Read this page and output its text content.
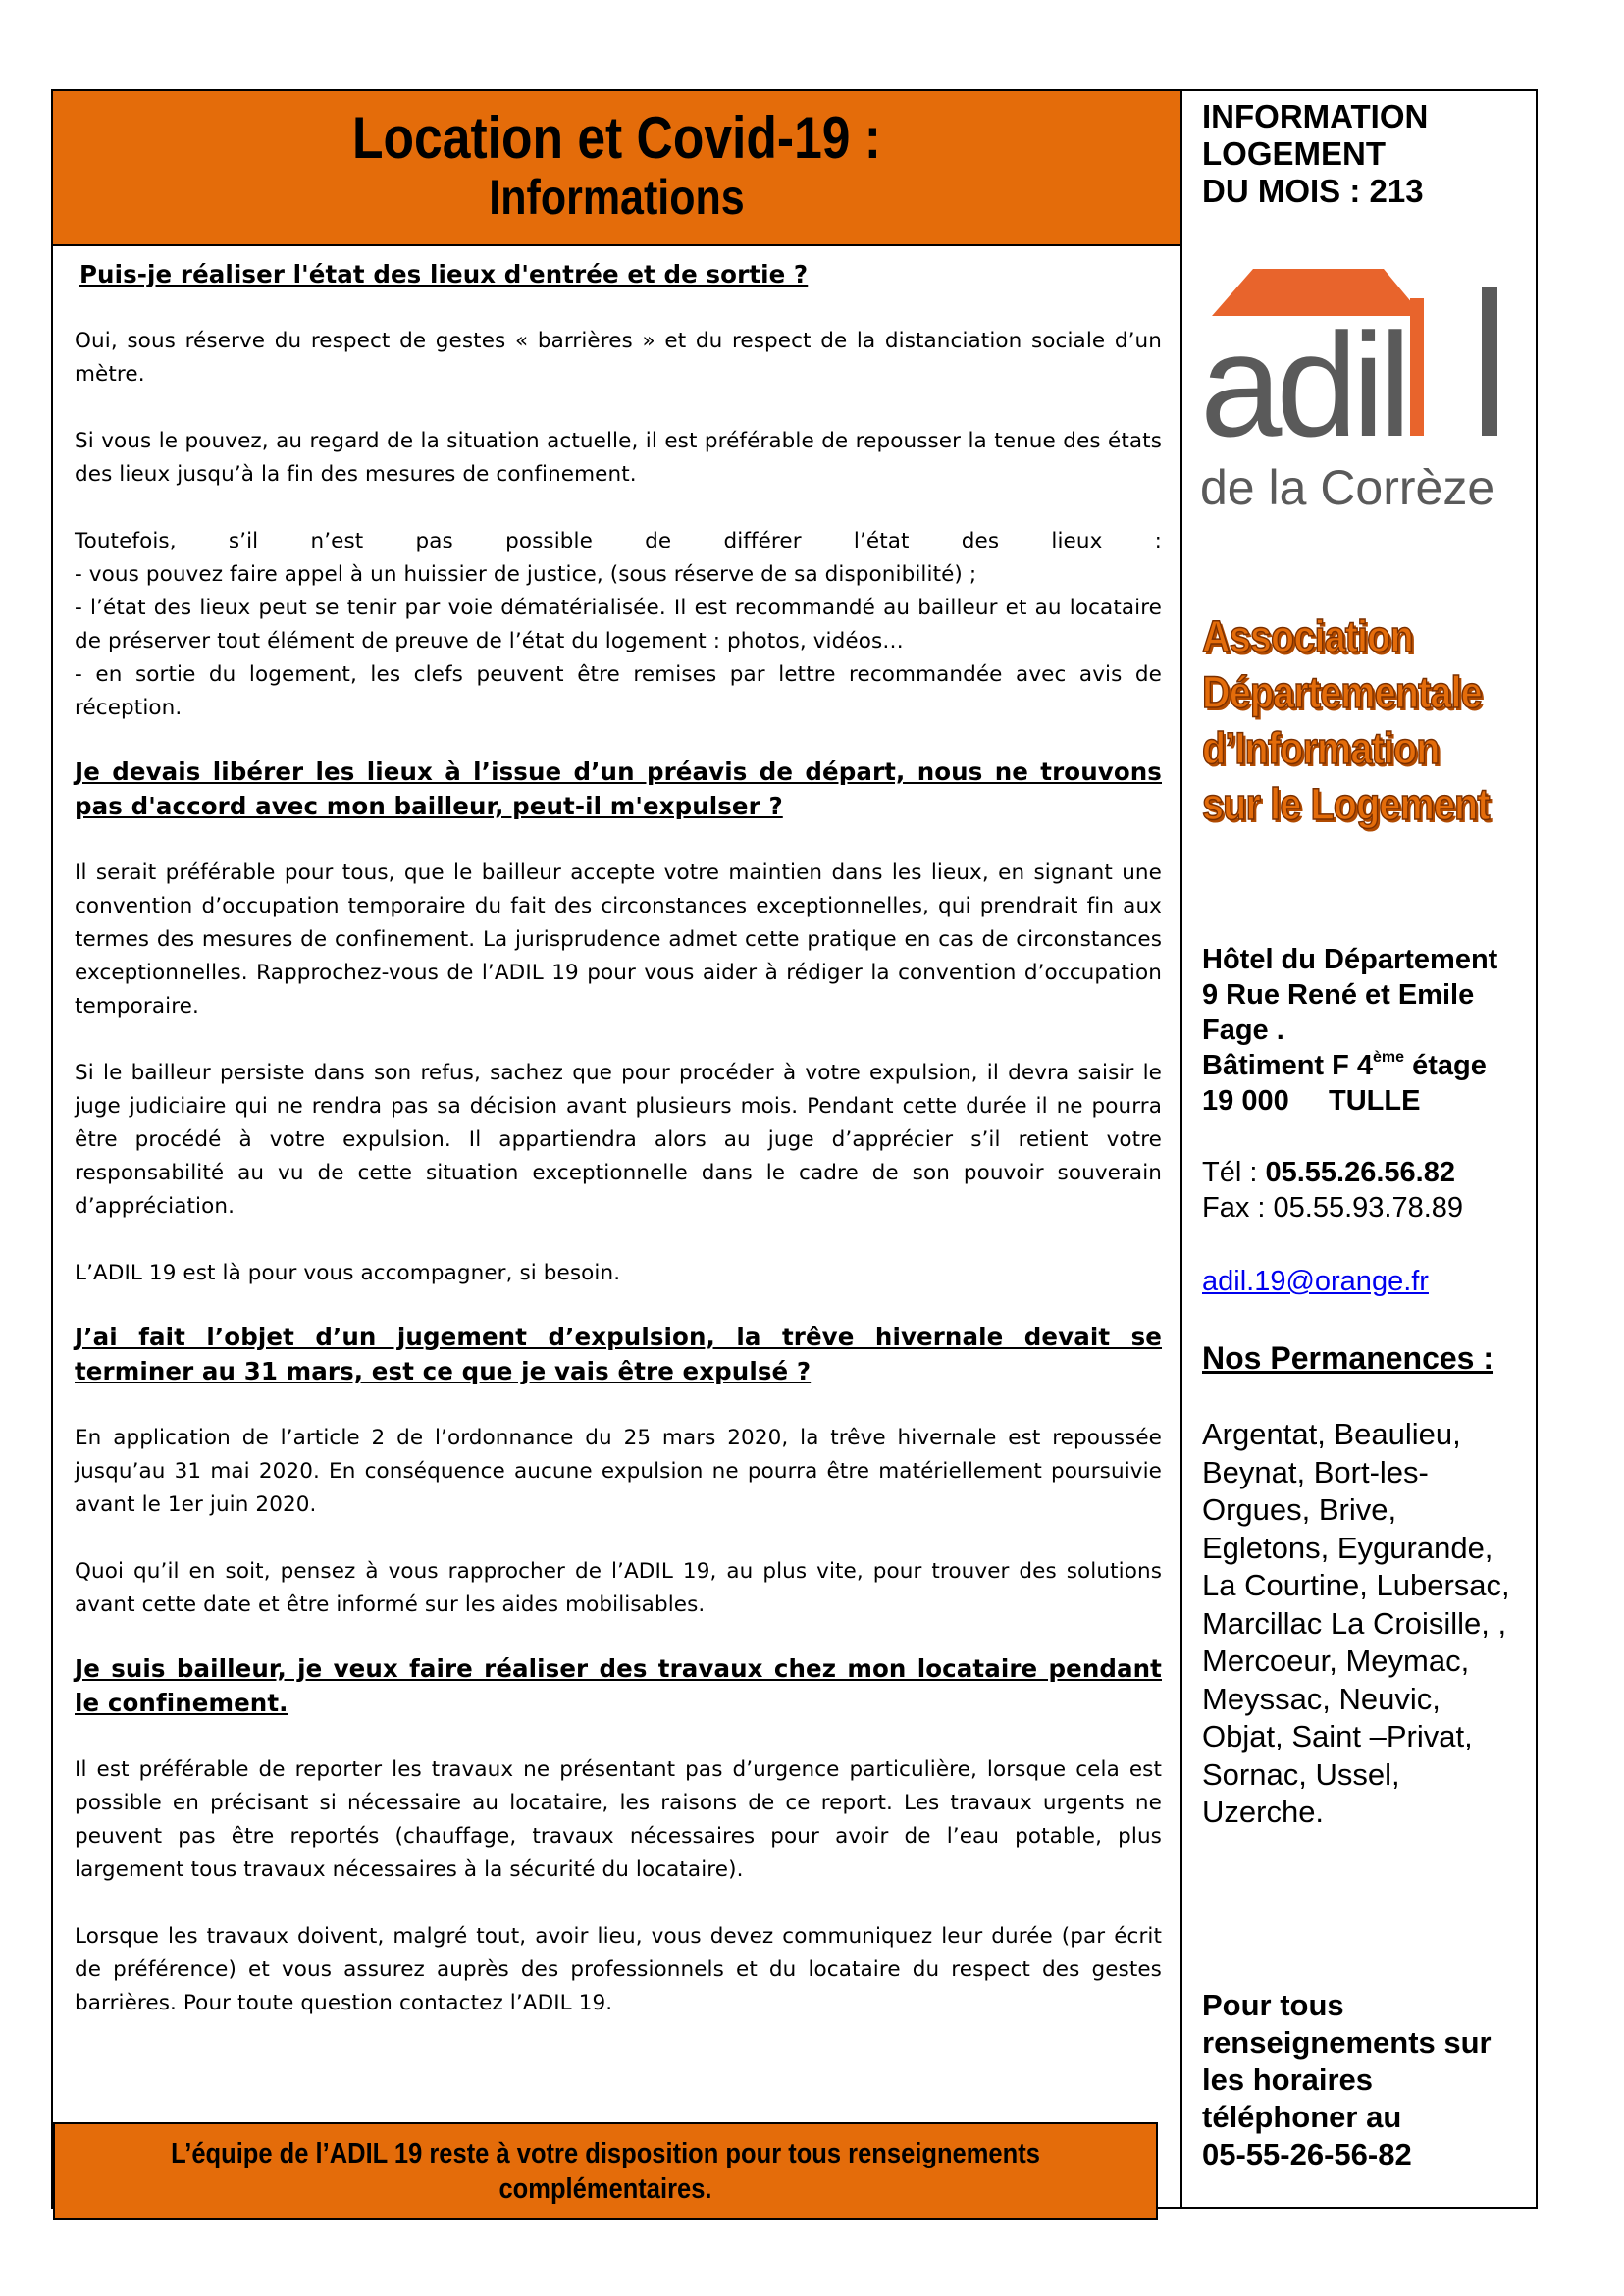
Location et Covid-19 :
Informations

Puis-je réaliser l'état des lieux d'entrée et de sortie ?

Oui, sous réserve du respect de gestes « barrières » et du respect de la distanciation sociale d’un mètre.

Si vous le pouvez, au regard de la situation actuelle, il est préférable de repousser la tenue des états des lieux jusqu’à la fin des mesures de confinement.

Toutefois, s’il n’est pas possible de différer l’état des lieux :

- vous pouvez faire appel à un huissier de justice, (sous réserve de sa disponibilité) ;

- l’état des lieux peut se tenir par voie dématérialisée. Il est recommandé au bailleur et au locataire de préserver tout élément de preuve de l’état du logement : photos, vidéos…

- en sortie du logement, les clefs peuvent être remises par lettre recommandée avec avis de réception.

Je devais libérer les lieux à l’issue d’un préavis de départ, nous ne trouvons pas d'accord avec mon bailleur, peut-il m'expulser ?

Il serait préférable pour tous, que le bailleur accepte votre maintien dans les lieux, en signant une convention d’occupation temporaire du fait des circonstances exceptionnelles, qui prendrait fin aux termes des mesures de confinement. La jurisprudence admet cette pratique en cas de circonstances exceptionnelles. Rapprochez-vous de l’ADIL 19 pour vous aider à rédiger la convention d’occupation temporaire.

Si le bailleur persiste dans son refus, sachez que pour procéder à votre expulsion, il devra saisir le juge judiciaire qui ne rendra pas sa décision avant plusieurs mois. Pendant cette durée il ne pourra être procédé à votre expulsion. Il appartiendra alors au juge d’apprécier s’il retient votre responsabilité au vu de cette situation exceptionnelle dans le cadre de son pouvoir souverain d’appréciation.

L’ADIL 19 est là pour vous accompagner, si besoin.

J’ai fait l’objet d’un jugement d’expulsion, la trêve hivernale devait se terminer au 31 mars, est ce que je vais être expulsé ?

En application de l’article 2 de l’ordonnance du 25 mars 2020, la trêve hivernale est repoussée jusqu’au 31 mai 2020. En conséquence aucune expulsion ne pourra être matériellement poursuivie avant le 1er juin 2020.

Quoi qu’il en soit, pensez à vous rapprocher de l’ADIL 19, au plus vite, pour trouver des solutions avant cette date et être informé sur les aides mobilisables.

Je suis bailleur, je veux faire réaliser des travaux chez mon locataire pendant le confinement.

Il est préférable de reporter les travaux ne présentant pas d’urgence particulière, lorsque cela est possible en précisant si nécessaire au locataire, les raisons de ce report. Les travaux urgents ne peuvent pas être reportés (chauffage, travaux nécessaires pour avoir de l’eau potable, plus largement tous travaux nécessaires à la sécurité du locataire).

Lorsque les travaux doivent, malgré tout, avoir lieu, vous devez communiquez leur durée (par écrit de préférence) et vous assurez auprès des professionnels et du locataire du respect des gestes barrières. Pour toute question contactez l’ADIL 19.

L’équipe de l’ADIL 19 reste à votre disposition pour tous renseignements complémentaires.
INFORMATION
LOGEMENT
DU MOIS : 213
adil
de la Corrèze
Association
Départementale
d’Information
sur le Logement
Hôtel du Département
9 Rue René et Emile Fage .
Bâtiment F 4ème étage
19 000     TULLE
Tél : 05.55.26.56.82
Fax : 05.55.93.78.89
adil.19@orange.fr
Nos Permanences :
Argentat, Beaulieu, Beynat, Bort-les-Orgues, Brive, Egletons, Eygurande, La Courtine, Lubersac, Marcillac La Croisille, , Mercoeur, Meymac, Meyssac, Neuvic, Objat, Saint –Privat, Sornac, Ussel, Uzerche.
Pour tous renseignements sur les horaires téléphoner au
05-55-26-56-82
